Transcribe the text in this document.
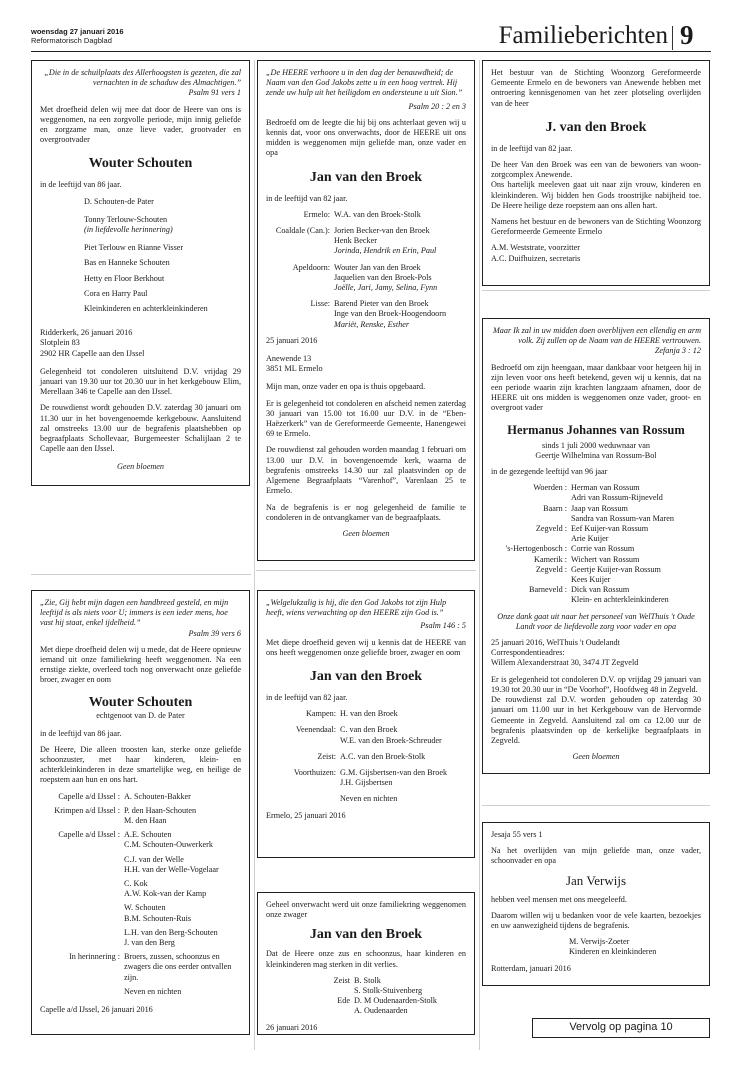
woensdag 27 januari 2016
Reformatorisch Dagblad	Familieberichten 9

„Die in de schuilplaats des Allerhoogsten is gezeten, die zal vernachten in de schaduw des Almachtigen.”

Psalm 91 vers 1

Met droefheid delen wij mee dat door de Heere van ons is weggenomen, na een zorgvolle periode, mijn innig geliefde en zorgzame man, onze lieve vader, grootvader en overgrootvader

Wouter Schouten

in de leeftijd van 86 jaar.

D. Schouten-de Pater
Tonny Terlouw-Schouten
(in liefdevolle herinnering)
Piet Terlouw en Rianne Visser
Bas en Hanneke Schouten
Hetty en Floor Berkhout
Cora en Harry Paul
Kleinkinderen en achterkleinkinderen
Ridderkerk, 26 januari 2016
Slotplein 83
2902 HR Capelle aan den IJssel

Gelegenheid tot condoleren uitsluitend D.V. vrijdag 29 januari van 19.30 uur tot 20.30 uur in het kerkgebouw Elim, Merellaan 346 te Capelle aan den IJssel.

De rouwdienst wordt gehouden D.V. zaterdag 30 januari om 11.30 uur in het bovengenoemde kerkgebouw. Aansluitend zal omstreeks 13.00 uur de begrafenis plaatshebben op begraafplaats Schollevaar, Burgemeester Schalijlaan 2 te Capelle aan den IJssel.

Geen bloemen

„De HEERE verhoore u in den dag der benauwdheid; de Naam van den God Jakobs zette u in een hoog vertrek. Hij zende uw hulp uit het heiligdom en ondersteune u uit Sion.”

Psalm 20 : 2 en 3

Bedroefd om de leegte die hij bij ons achterlaat geven wij u kennis dat, voor ons onverwachts, door de HEERE uit ons midden is weggenomen mijn geliefde man, onze vader en opa

Jan van den Broek

in de leeftijd van 82 jaar.

Ermelo: W.A. van den Broek-Stolk
Coaldale (Can.): Jorien Becker-van den Broek
Henk Becker
Jorinda, Hendrik en Erin, Paul
Apeldoorn: Wouter Jan van den Broek
Jaquelien van den Broek-Pols
Joëlle, Jari, Jamy, Selina, Fynn
Lisse: Barend Pieter van den Broek
Inge van den Broek-Hoogendoorn
Mariët, Renske, Esther

25 januari 2016

Anewende 13
3851 ML Ermelo

Mijn man, onze vader en opa is thuis opgebaard.

Er is gelegenheid tot condoleren en afscheid nemen zaterdag 30 januari van 15.00 tot 16.00 uur D.V. in de “Eben-Haëzerkerk” van de Gereformeerde Gemeente, Hanengewei 69 te Ermelo.

De rouwdienst zal gehouden worden maandag 1 februari om 13.00 uur D.V. in bovengenoemde kerk, waarna de begrafenis omstreeks 14.30 uur zal plaatsvinden op de Algemene Begraafplaats “Varenhof”, Varenlaan 25 te Ermelo.

Na de begrafenis is er nog gelegenheid de familie te condoleren in de ontvangkamer van de begraafplaats.

Geen bloemen

Het bestuur van de Stichting Woonzorg Gereformeerde Gemeente Ermelo en de bewoners van Anewende hebben met ontroering kennisgenomen van het zeer plotseling overlijden van de heer

J. van den Broek

in de leeftijd van 82 jaar.

De heer Van den Broek was een van de bewoners van woon-zorgcomplex Anewende.

Ons hartelijk meeleven gaat uit naar zijn vrouw, kinderen en kleinkinderen. Wij bidden hen Gods troostrijke nabijheid toe. De Heere heilige deze roepstem aan ons allen hart.

Namens het bestuur en de bewoners van de Stichting Woonzorg Gereformeerde Gemeente Ermelo

A.M. Weststrate, voorzitter
A.C. Duifhuizen, secretaris

Maar Ik zal in uw midden doen overblijven een ellendig en arm volk. Zij zullen op de Naam van de HEERE vertrouwen.

Zefanja 3 : 12

Bedroefd om zijn heengaan, maar dankbaar voor hetgeen hij in zijn leven voor ons heeft betekend, geven wij u kennis, dat na een periode waarin zijn krachten langzaam afnamen, door de HEERE uit ons midden is weggenomen onze vader, groot- en overgroot vader

Hermanus Johannes van Rossum
sinds 1 juli 2000 weduwnaar van
Geertje Wilhelmina van Rossum-Bol

in de gezegende leeftijd van 96 jaar

Woerden : Herman van Rossum
Adri van Rossum-Rijneveld
Baarn : Jaap van Rossum
Sandra van Rossum-van Maren
Zegveld : Eef Kuijer-van Rossum
Arie Kuijer
's-Hertogenbosch : Corrie van Rossum
Kamerik : Wichert van Rossum
Zegveld : Geertje Kuijer-van Rossum
Kees Kuijer
Barneveld : Dick van Rossum
Klein- en achterkleinkinderen

Onze dank gaat uit naar het personeel van WelThuis 't Oude Landt voor de liefdevolle zorg voor vader en opa

25 januari 2016, WelThuis 't Oudelandt
Correspondentieadres:
Willem Alexanderstraat 30, 3474 JT Zegveld

Er is gelegenheid tot condoleren D.V. op vrijdag 29 januari van 19.30 tot 20.30 uur in “De Voorhof”, Hoofdweg 48 in Zegveld.

De rouwdienst zal D.V. worden gehouden op zaterdag 30 januari om 11.00 uur in het Kerkgebouw van de Hervormde Gemeente in Zegveld. Aansluitend zal om ca 12.00 uur de begrafenis plaatsvinden op de kerkelijke begraafplaats in Zegveld.

Geen bloemen

„Zie, Gij hebt mijn dagen een handbreed gesteld, en mijn leeftijd is als niets voor U; immers is een ieder mens, hoe vast hij staat, enkel ijdelheid.”

Psalm 39 vers 6

Met diepe droefheid delen wij u mede, dat de Heere opnieuw iemand uit onze familiekring heeft weggenomen. Na een ernstige ziekte, overleed toch nog onverwacht onze geliefde broer, zwager en oom

Wouter Schouten
echtgenoot van D. de Pater

in de leeftijd van 86 jaar.

De Heere, Die alleen troosten kan, sterke onze geliefde schoonzuster, met haar kinderen, klein- en achterkleinkinderen in deze smartelijke weg, en heilige de roepstem aan hun en ons hart.

Capelle a/d IJssel : A. Schouten-Bakker
Krimpen a/d IJssel : P. den Haan-Schouten
M. den Haan
Capelle a/d IJssel : A.E. Schouten
C.M. Schouten-Ouwerkerk
C.J. van der Welle
H.H. van der Welle-Vogelaar
C. Kok
A.W. Kok-van der Kamp
W. Schouten
B.M. Schouten-Ruis
L.H. van den Berg-Schouten
J. van den Berg
In herinnering : Broers, zussen, schoonzus en zwagers die ons eerder ontvallen zijn.
Neven en nichten
Capelle a/d IJssel, 26 januari 2016

„Welgelukzalig is hij, die den God Jakobs tot zijn Hulp heeft, wiens verwachting op den HEERE zijn God is.”

Psalm 146 : 5

Met diepe droefheid geven wij u kennis dat de HEERE van ons heeft weggenomen onze geliefde broer, zwager en oom

Jan van den Broek

in de leeftijd van 82 jaar.

Kampen: H. van den Broek
Veenendaal: C. van den Broek
W.E. van den Broek-Schreuder
Zeist: A.C. van den Broek-Stolk
Voorthuizen: G.M. Gijsbertsen-van den Broek
J.H. Gijsbertsen
Neven en nichten
Ermelo, 25 januari 2016

Geheel onverwacht werd uit onze familiekring weggenomen onze zwager

Jan van den Broek

Dat de Heere onze zus en schoonzus, haar kinderen en kleinkinderen mag sterken in dit verlies.

Zeist B. Stolk
S. Stolk-Stuivenberg
Ede D. M Oudenaarden-Stolk
A. Oudenaarden
26 januari 2016

Jesaja 55 vers 1

Na het overlijden van mijn geliefde man, onze vader, schoonvader en opa

Jan Verwijs

hebben veel mensen met ons meegeleefd.

Daarom willen wij u bedanken voor de vele kaarten, bezoekjes en uw aanwezigheid tijdens de begrafenis.

M. Verwijs-Zoeter
Kinderen en kleinkinderen
Rotterdam, januari 2016
Vervolg op pagina 10
